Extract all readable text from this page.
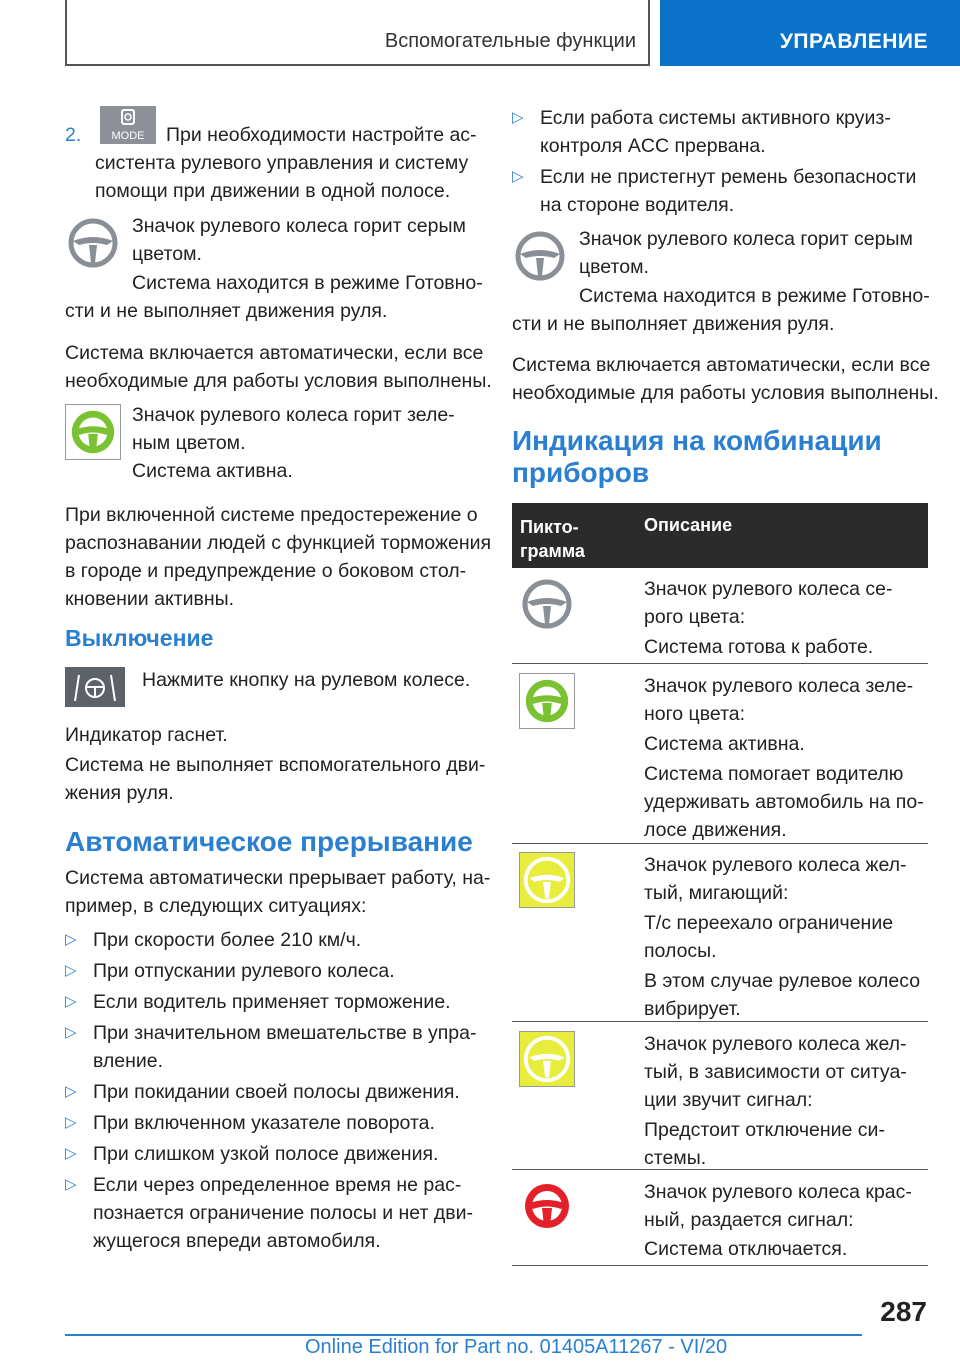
Вспомогательные функции	УПРАВЛЕНИЕ
2.	MODE При необходимости настройте ас-

систента рулевого управления и систему

помощи при движении в одной полосе.

Значок рулевого колеса горит серым

цветом.

Система находится в режиме Готовно-

сти и не выполняет движения руля.

Система включается автоматически, если все

необходимые для работы условия выполнены.

Значок рулевого колеса горит зеле-

ным цветом.

Система активна.

При включенной системе предостережение о

распознавании людей с функцией торможения

в городе и предупреждение о боковом стол-

кновении активны.

Выключение

Нажмите кнопку на рулевом колесе.

Индикатор гаснет.

Система не выполняет вспомогательного дви-

жения руля.

Автоматическое прерывание

Система автоматически прерывает работу, на-

пример, в следующих ситуациях:

▷ При скорости более 210 км/ч.
▷ При отпускании рулевого колеса.
▷ Если водитель применяет торможение.
▷ При значительном вмешательстве в упра-
вление.
▷ При покидании своей полосы движения.
▷ При включенном указателе поворота.
▷ При слишком узкой полосе движения.
▷ Если через определенное время не рас-
познается ограничение полосы и нет дви-
жущегося впереди автомобиля.
▷ Если работа системы активного круиз-
контроля ACC прервана.
▷ Если не пристегнут ремень безопасности
на стороне водителя.

Значок рулевого колеса горит серым

цветом.

Система находится в режиме Готовно-

сти и не выполняет движения руля.

Система включается автоматически, если все

необходимые для работы условия выполнены.

Индикация на комбинации
приборов
Пикто-
грамма
Описание

Значок рулевого колеса се-

рого цвета:

Система готова к работе.

Значок рулевого колеса зеле-

ного цвета:

Система активна.

Система помогает водителю

удерживать автомобиль на по-

лосе движения.

Значок рулевого колеса жел-

тый, мигающий:

Т/с переехало ограничение

полосы.

В этом случае рулевое колесо

вибрирует.

Значок рулевого колеса жел-

тый, в зависимости от ситуа-

ции звучит сигнал:

Предстоит отключение си-

стемы.

Значок рулевого колеса крас-

ный, раздается сигнал:

Система отключается.

287
Online Edition for Part no. 01405A11267 - VI/20
